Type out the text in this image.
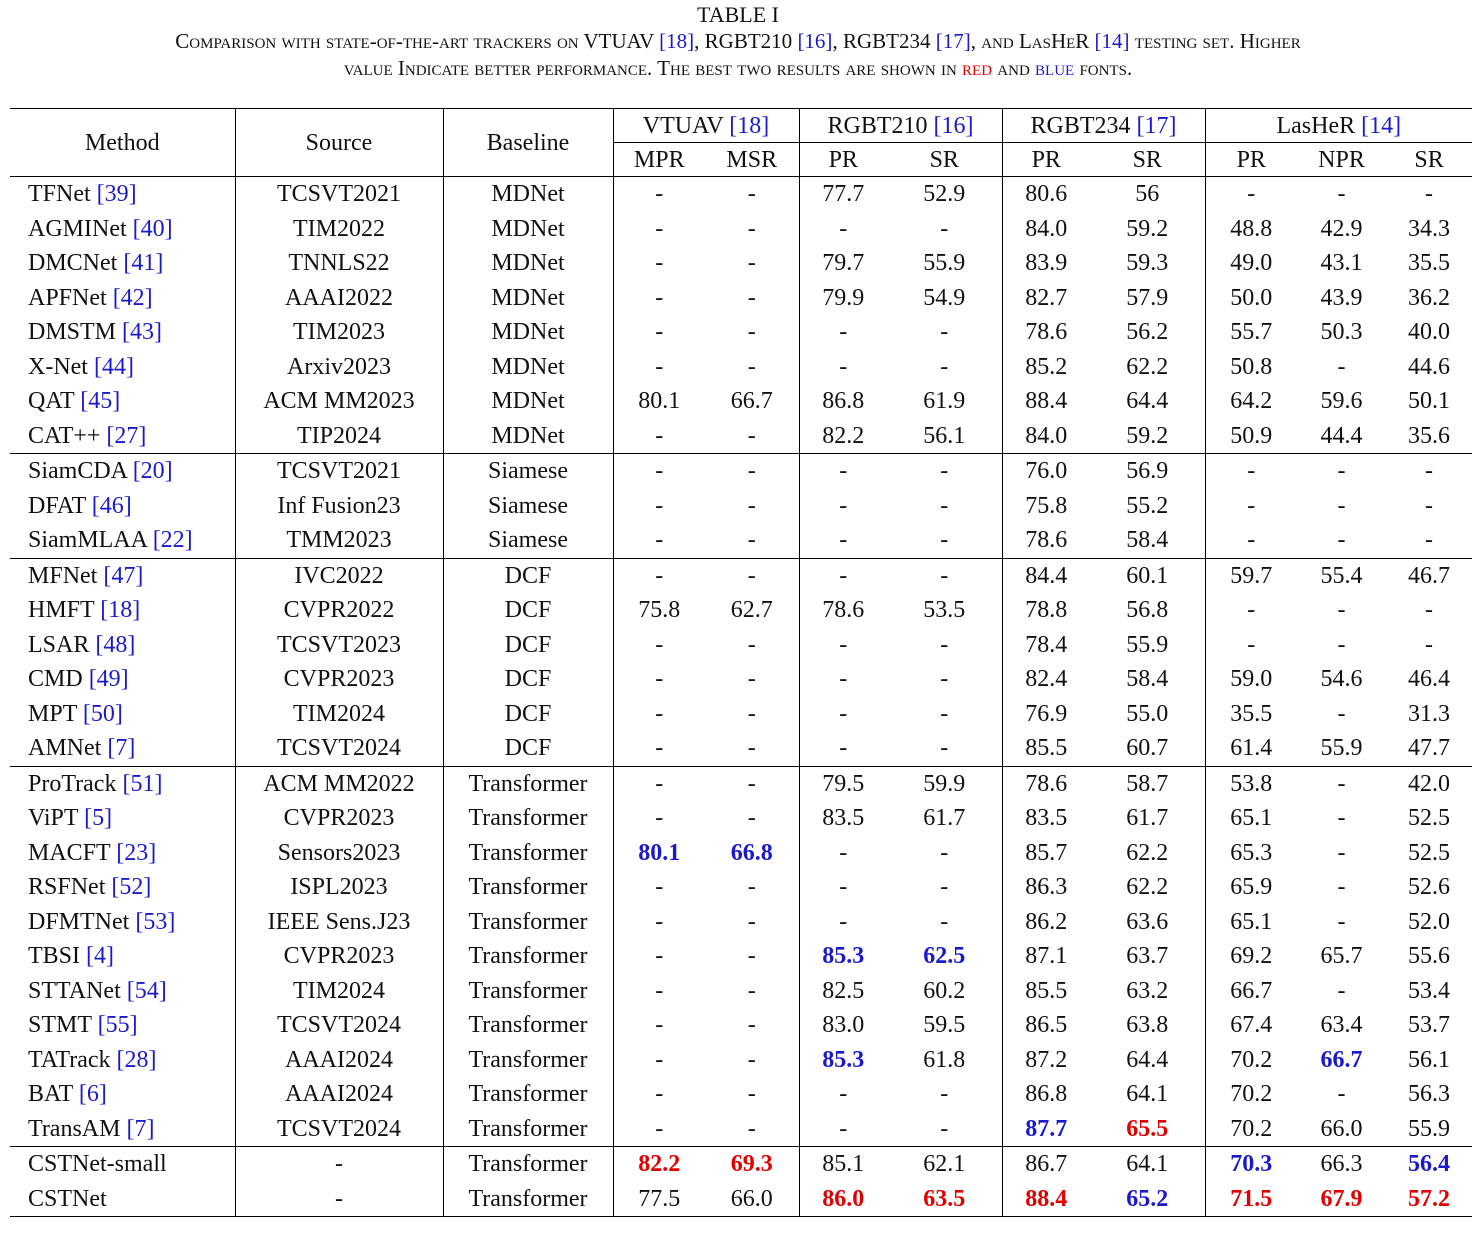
TABLE I
Comparison with state-of-the-art trackers on VTUAV [18], RGBT210 [16], RGBT234 [17], and LasHeR [14] testing set. Higher
value Indicate better performance. The best two results are shown in red and blue fonts.
Method	Source	Baseline	VTUAV [18]		RGBT210 [16]		RGBT234 [17]		LasHeR [14]		
			MPR	MSR	PR	SR	PR	SR	PR	NPR	SR
TFNet [39]	TCSVT2021	MDNet	-	-	77.7	52.9	80.6	56	-	-	-
AGMINet [40]	TIM2022	MDNet	-	-	-	-	84.0	59.2	48.8	42.9	34.3
DMCNet [41]	TNNLS22	MDNet	-	-	79.7	55.9	83.9	59.3	49.0	43.1	35.5
APFNet [42]	AAAI2022	MDNet	-	-	79.9	54.9	82.7	57.9	50.0	43.9	36.2
DMSTM [43]	TIM2023	MDNet	-	-	-	-	78.6	56.2	55.7	50.3	40.0
X-Net [44]	Arxiv2023	MDNet	-	-	-	-	85.2	62.2	50.8	-	44.6
QAT [45]	ACM MM2023	MDNet	80.1	66.7	86.8	61.9	88.4	64.4	64.2	59.6	50.1
CAT++ [27]	TIP2024	MDNet	-	-	82.2	56.1	84.0	59.2	50.9	44.4	35.6
SiamCDA [20]	TCSVT2021	Siamese	-	-	-	-	76.0	56.9	-	-	-
DFAT [46]	Inf Fusion23	Siamese	-	-	-	-	75.8	55.2	-	-	-
SiamMLAA [22]	TMM2023	Siamese	-	-	-	-	78.6	58.4	-	-	-
MFNet [47]	IVC2022	DCF	-	-	-	-	84.4	60.1	59.7	55.4	46.7
HMFT [18]	CVPR2022	DCF	75.8	62.7	78.6	53.5	78.8	56.8	-	-	-
LSAR [48]	TCSVT2023	DCF	-	-	-	-	78.4	55.9	-	-	-
CMD [49]	CVPR2023	DCF	-	-	-	-	82.4	58.4	59.0	54.6	46.4
MPT [50]	TIM2024	DCF	-	-	-	-	76.9	55.0	35.5	-	31.3
AMNet [7]	TCSVT2024	DCF	-	-	-	-	85.5	60.7	61.4	55.9	47.7
ProTrack [51]	ACM MM2022	Transformer	-	-	79.5	59.9	78.6	58.7	53.8	-	42.0
ViPT [5]	CVPR2023	Transformer	-	-	83.5	61.7	83.5	61.7	65.1	-	52.5
MACFT [23]	Sensors2023	Transformer	80.1	66.8	-	-	85.7	62.2	65.3	-	52.5
RSFNet [52]	ISPL2023	Transformer	-	-	-	-	86.3	62.2	65.9	-	52.6
DFMTNet [53]	IEEE Sens.J23	Transformer	-	-	-	-	86.2	63.6	65.1	-	52.0
TBSI [4]	CVPR2023	Transformer	-	-	85.3	62.5	87.1	63.7	69.2	65.7	55.6
STTANet [54]	TIM2024	Transformer	-	-	82.5	60.2	85.5	63.2	66.7	-	53.4
STMT [55]	TCSVT2024	Transformer	-	-	83.0	59.5	86.5	63.8	67.4	63.4	53.7
TATrack [28]	AAAI2024	Transformer	-	-	85.3	61.8	87.2	64.4	70.2	66.7	56.1
BAT [6]	AAAI2024	Transformer	-	-	-	-	86.8	64.1	70.2	-	56.3
TransAM [7]	TCSVT2024	Transformer	-	-	-	-	87.7	65.5	70.2	66.0	55.9
CSTNet-small	-	Transformer	82.2	69.3	85.1	62.1	86.7	64.1	70.3	66.3	56.4
CSTNet	-	Transformer	77.5	66.0	86.0	63.5	88.4	65.2	71.5	67.9	57.2
